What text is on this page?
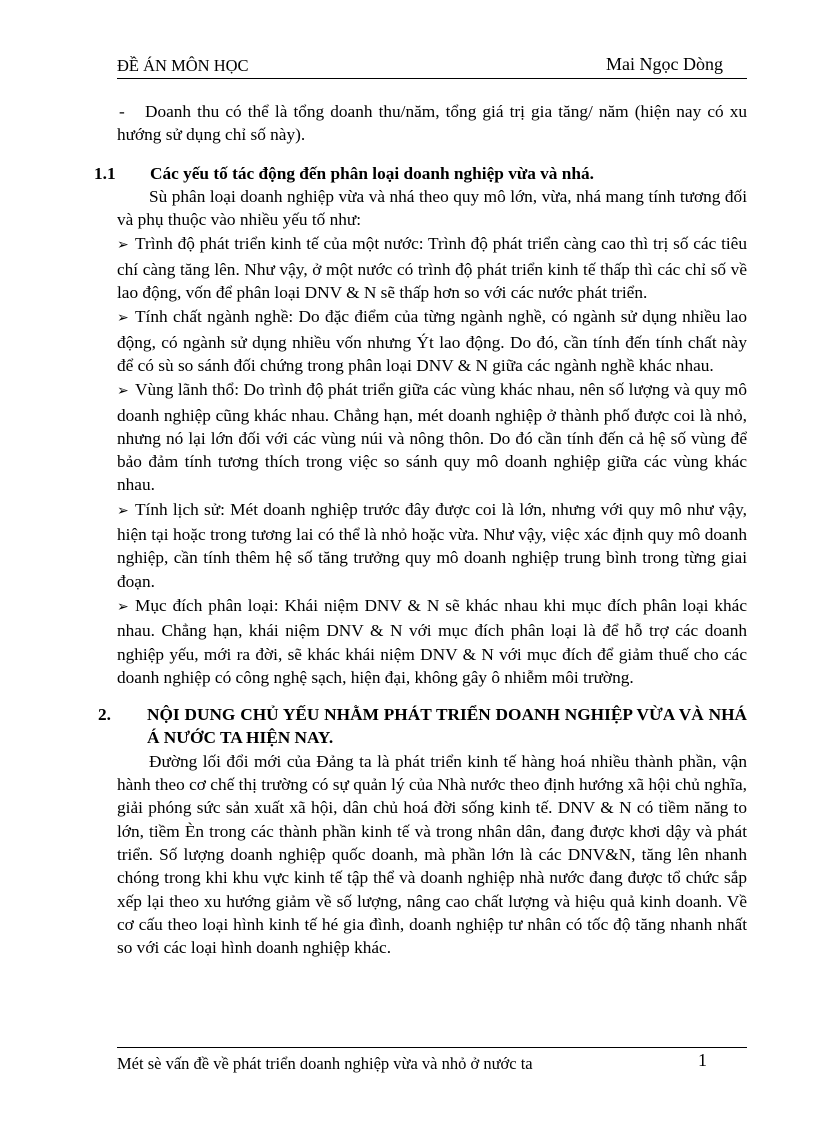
ĐỀ ÁN MÔN HỌC	Mai Ngọc Dòng

- Doanh thu có thể là tổng doanh thu/năm, tổng giá trị gia tăng/ năm (hiện nay có xu hướng sử dụng chỉ số này).

1.1 Các yếu tố tác động đến phân loại doanh nghiệp vừa và nhá.

Sù phân loại doanh nghiệp vừa và nhá theo quy mô lớn, vừa, nhá mang tính tương đối và phụ thuộc vào nhiều yếu tố như:

➢ Trình độ phát triển kinh tế của một nước: Trình độ phát triển càng cao thì trị số các tiêu chí càng tăng lên. Như vậy, ở một nước có trình độ phát triển kinh tế thấp thì các chỉ số về lao động, vốn để phân loại DNV & N sẽ thấp hơn so với các nước phát triển.

➢ Tính chất ngành nghề: Do đặc điểm của từng ngành nghề, có ngành sử dụng nhiều lao động, có ngành sử dụng nhiều vốn nhưng Ýt lao động. Do đó, cần tính đến tính chất này để có sù so sánh đối chứng trong phân loại DNV & N giữa các ngành nghề khác nhau.

➢ Vùng lãnh thổ: Do trình độ phát triển giữa các vùng khác nhau, nên số lượng và quy mô doanh nghiệp cũng khác nhau. Chẳng hạn, mét doanh nghiệp ở thành phố được coi là nhỏ, nhưng nó lại lớn đối với các vùng núi và nông thôn. Do đó cần tính đến cả hệ số vùng để bảo đảm tính tương thích trong việc so sánh quy mô doanh nghiệp giữa các vùng khác nhau.

➢ Tính lịch sử: Mét doanh nghiệp trước đây được coi là lớn, nhưng với quy mô như vậy, hiện tại hoặc trong tương lai có thể là nhỏ hoặc vừa. Như vậy, việc xác định quy mô doanh nghiệp, cần tính thêm hệ số tăng trưởng quy mô doanh nghiệp trung bình trong từng giai đoạn.

➢ Mục đích phân loại: Khái niệm DNV & N sẽ khác nhau khi mục đích phân loại khác nhau. Chẳng hạn, khái niệm DNV & N với mục đích phân loại là để hỗ trợ các doanh nghiệp yếu, mới ra đời, sẽ khác khái niệm DNV & N với mục đích để giảm thuế cho các doanh nghiệp có công nghệ sạch, hiện đại, không gây ô nhiễm môi trường.

2.	NỘI DUNG CHỦ YẾU NHẰM PHÁT TRIỂN DOANH NGHIỆP VỪA VÀ NHÁ Á NƯỚC TA HIỆN NAY.

Đường lối đổi mới của Đảng ta là phát triển kinh tế hàng hoá nhiều thành phần, vận hành theo cơ chế thị trường có sự quản lý của Nhà nước theo định hướng xã hội chủ nghĩa, giải phóng sức sản xuất xã hội, dân chủ hoá đời sống kinh tế. DNV & N có tiềm năng to lớn, tiềm Èn trong các thành phần kinh tế và trong nhân dân, đang được khơi dậy và phát triển. Số lượng doanh nghiệp quốc doanh, mà phần lớn là các DNV&N, tăng lên nhanh chóng trong khi khu vực kinh tế tập thể và doanh nghiệp nhà nước đang được tổ chức sắp xếp lại theo xu hướng giảm về số lượng, nâng cao chất lượng và hiệu quả kinh doanh. Về cơ cấu theo loại hình kinh tế hé gia đình, doanh nghiệp tư nhân có tốc độ tăng nhanh nhất so với các loại hình doanh nghiệp khác.

Mét sè vấn đề về phát triển doanh nghiệp vừa và nhỏ ở nước ta	1
